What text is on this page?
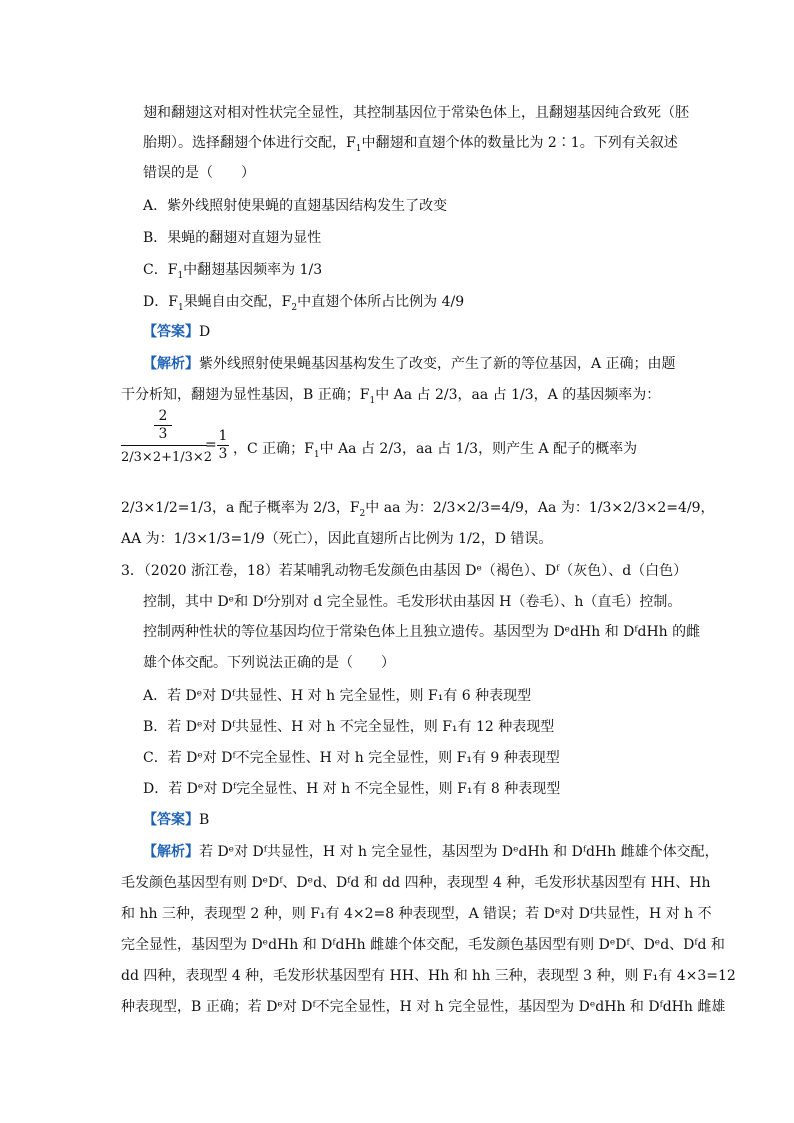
翅和翻翅这对相对性状完全显性，其控制基因位于常染色体上，且翻翅基因纯合致死（胚
胎期）。选择翻翅个体进行交配，$F_1$中翻翅和直翅个体的数量比为 2∶1。下列有关叙述
错误的是（　　）
A．紫外线照射使果蝇的直翅基因结构发生了改变
B．果蝇的翻翅对直翅为显性
C．$F_1$中翻翅基因频率为 1/3
D．$F_1$果蝇自由交配，$F_2$中直翅个体所占比例为 4/9
【答案】D
【解析】紫外线照射使果蝇基因基构发生了改变，产生了新的等位基因，A 正确；由题
干分析知，翻翅为显性基因，B 正确；$F_1$中 Aa 占 2/3，aa 占 1/3，A 的基因频率为：
2
3
2/3×2+1/3×2
=
1
3 ，C 正确；$F_1$中 Aa 占 2/3，aa 占 1/3，则产生 A 配子的概率为
2/3×1/2=1/3，a 配子概率为 2/3，$F_2$中 aa 为：2/3×2/3=4/9，Aa 为：1/3×2/3×2=4/9，
AA 为：1/3×1/3=1/9（死亡），因此直翅所占比例为 1/2，D 错误。
3．（2020 浙江卷，18）若某哺乳动物毛发颜色由基因 Dᵉ（褐色）、Dᶠ（灰色）、d（白色）
控制，其中 Dᵉ和 Dᶠ分别对 d 完全显性。毛发形状由基因 H（卷毛）、h（直毛）控制。
控制两种性状的等位基因均位于常染色体上且独立遗传。基因型为 DᵉdHh 和 DᶠdHh 的雌
雄个体交配。下列说法正确的是（　　）
A．若 Dᵉ对 Dᶠ共显性、H 对 h 完全显性，则 F₁有 6 种表现型
B．若 Dᵉ对 Dᶠ共显性、H 对 h 不完全显性，则 F₁有 12 种表现型
C．若 Dᵉ对 Dᶠ不完全显性、H 对 h 完全显性，则 F₁有 9 种表现型
D．若 Dᵉ对 Dᶠ完全显性、H 对 h 不完全显性，则 F₁有 8 种表现型
【答案】B
【解析】若 Dᵉ对 Dᶠ共显性，H 对 h 完全显性，基因型为 DᵉdHh 和 DᶠdHh 雌雄个体交配，
毛发颜色基因型有则 DᵉDᶠ、Dᵉd、Dᶠd 和 dd 四种，表现型 4 种，毛发形状基因型有 HH、Hh
和 hh 三种，表现型 2 种，则 F₁有 4×2=8 种表现型，A 错误；若 Dᵉ对 Dᶠ共显性，H 对 h 不
完全显性，基因型为 DᵉdHh 和 DᶠdHh 雌雄个体交配，毛发颜色基因型有则 DᵉDᶠ、Dᵉd、Dᶠd 和
dd 四种，表现型 4 种，毛发形状基因型有 HH、Hh 和 hh 三种，表现型 3 种，则 F₁有 4×3=12
种表现型，B 正确；若 Dᵉ对 Dᶠ不完全显性，H 对 h 完全显性，基因型为 DᵉdHh 和 DᶠdHh 雌雄
